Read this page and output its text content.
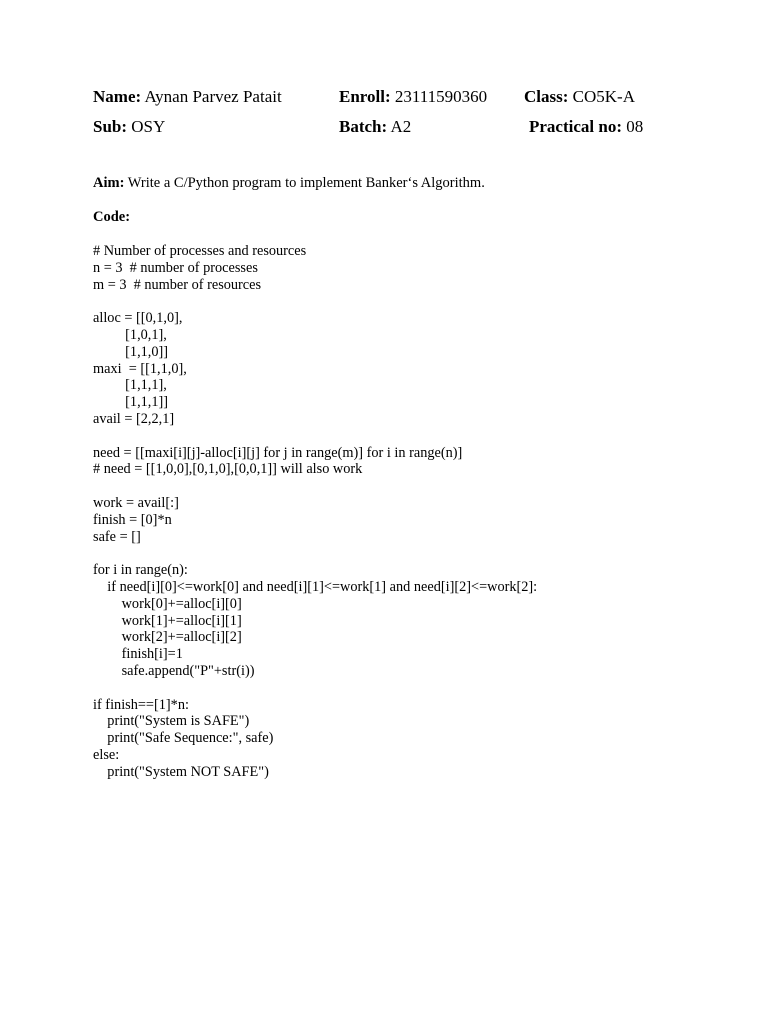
Name: Aynan Parvez Patait	Enroll: 23111590360 Class: CO5K-A
Sub: OSY	Batch: A2	Practical no: 08
Aim: Write a C/Python program to implement Banker‘s Algorithm.
Code:
# Number of processes and resources
n = 3  # number of processes
m = 3  # number of resources
alloc = [[0,1,0],
[1,0,1],
[1,1,0]]
maxi  = [[1,1,0],
[1,1,1],
[1,1,1]]
avail = [2,2,1]
need = [[maxi[i][j]-alloc[i][j] for j in range(m)] for i in range(n)]
# need = [[1,0,0],[0,1,0],[0,0,1]] will also work
work = avail[:]
finish = [0]*n
safe = []
for i in range(n):
if need[i][0]<=work[0] and need[i][1]<=work[1] and need[i][2]<=work[2]:
work[0]+=alloc[i][0]
work[1]+=alloc[i][1]
work[2]+=alloc[i][2]
finish[i]=1
safe.append("P"+str(i))
if finish==[1]*n:
print("System is SAFE")
print("Safe Sequence:", safe)
else:
print("System NOT SAFE")
